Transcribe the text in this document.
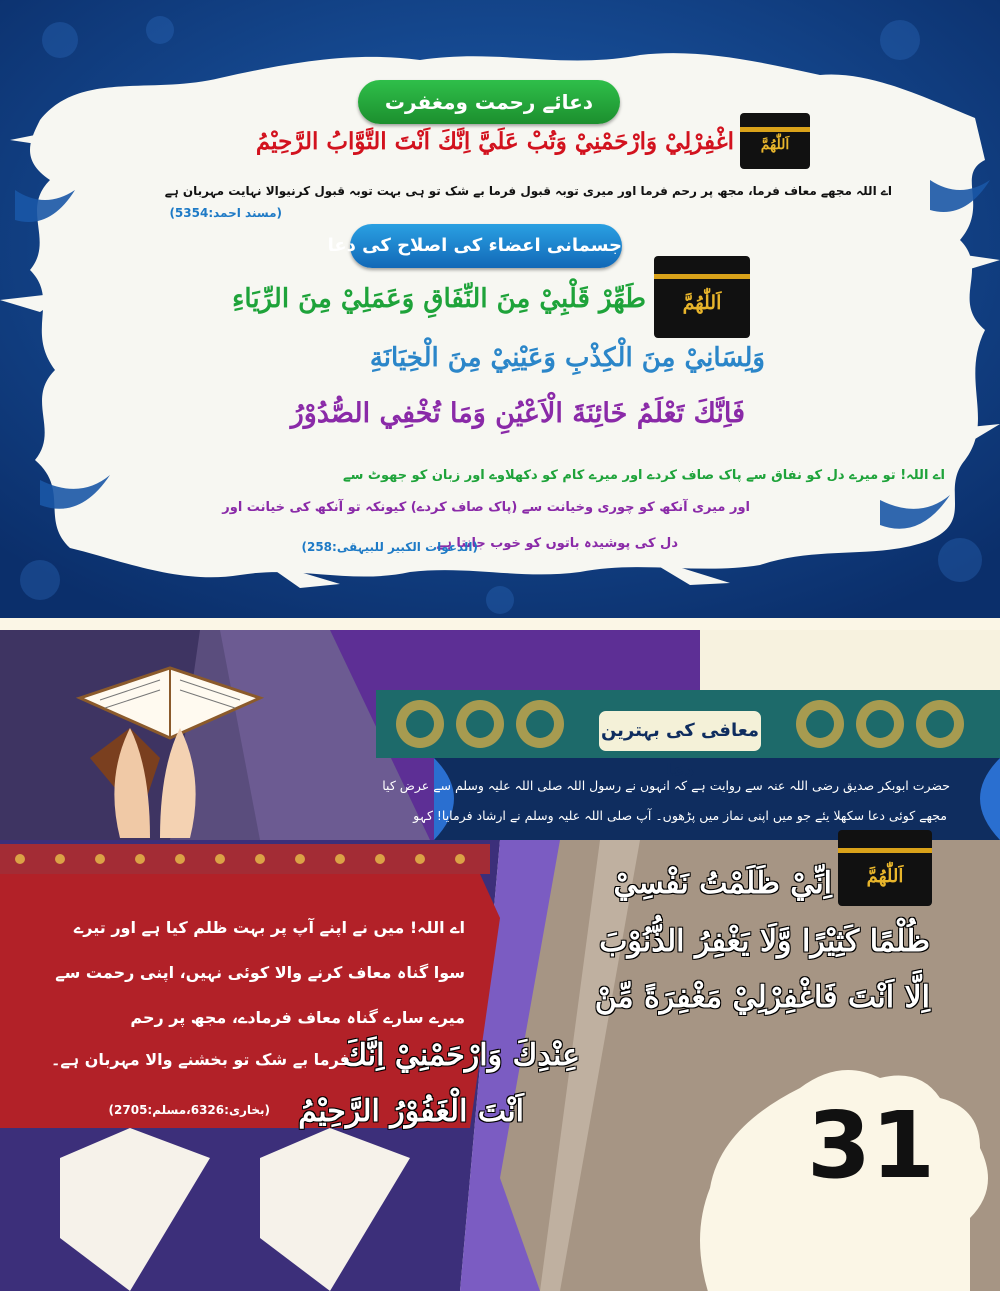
دعائے رحمت ومغفرت
اَللّٰهُمَّ
اغْفِرْلِيْ وَارْحَمْنِيْ وَتُبْ عَلَيَّ اِنَّكَ اَنْتَ التَّوَّابُ الرَّحِيْمُ
اے اللہ مجھے معاف فرما، مجھ پر رحم فرما اور میری توبہ قبول فرما بے شک تو ہی بہت توبہ قبول کرنیوالا نہایت مہربان ہے
(مسند احمد:5354)
جسمانی اعضاء کی اصلاح کی دعا
اَللّٰهُمَّ
طَهِّرْ قَلْبِيْ مِنَ النِّفَاقِ وَعَمَلِيْ مِنَ الرِّيَاءِ
وَلِسَانِيْ مِنَ الْكِذْبِ وَعَيْنِيْ مِنَ الْخِيَانَةِ
فَاِنَّكَ تَعْلَمُ خَائِنَةَ الْاَعْيُنِ وَمَا تُخْفِي الصُّدُوْرُ
اے اللہ! تو میرے دل کو نفاق سے پاک صاف کردے اور میرے کام کو دکھلاوے اور زبان کو جھوٹ سے
اور میری آنکھ کو چوری وخیانت سے (پاک صاف کردے) کیونکہ تو آنکھ کی خیانت اور
دل کی پوشیدہ باتوں کو خوب جانتا ہے
(الدعوات الکبیر للبیہقی:258)
معافی کی بہترین دعا
حضرت ابوبکر صدیق رضی اللہ عنہ سے روایت ہے کہ انہوں نے رسول اللہ صلی اللہ علیہ وسلم سے عرض کیا
مجھے کوئی دعا سکھلا یئے جو میں اپنی نماز میں پڑھوں۔ آپ صلی اللہ علیہ وسلم نے ارشاد فرمایا! کہو
اَللّٰهُمَّ
اِنِّيْ ظَلَمْتُ نَفْسِيْ
ظُلْمًا كَثِيْرًا وَّلَا يَغْفِرُ الذُّنُوْبَ
اِلَّا اَنْتَ فَاغْفِرْلِيْ مَغْفِرَةً مِّنْ
عِنْدِكَ وَارْحَمْنِيْ اِنَّكَ
اَنْتَ الْغَفُوْرُ الرَّحِيْمُ
اے اللہ! میں نے اپنے آپ پر بہت ظلم کیا ہے اور تیرے
سوا گناہ معاف کرنے والا کوئی نہیں، اپنی رحمت سے
میرے سارے گناہ معاف فرمادے، مجھ پر رحم
فرما بے شک تو بخشنے والا مہربان ہے۔
(بخاری:6326،مسلم:2705)	31
